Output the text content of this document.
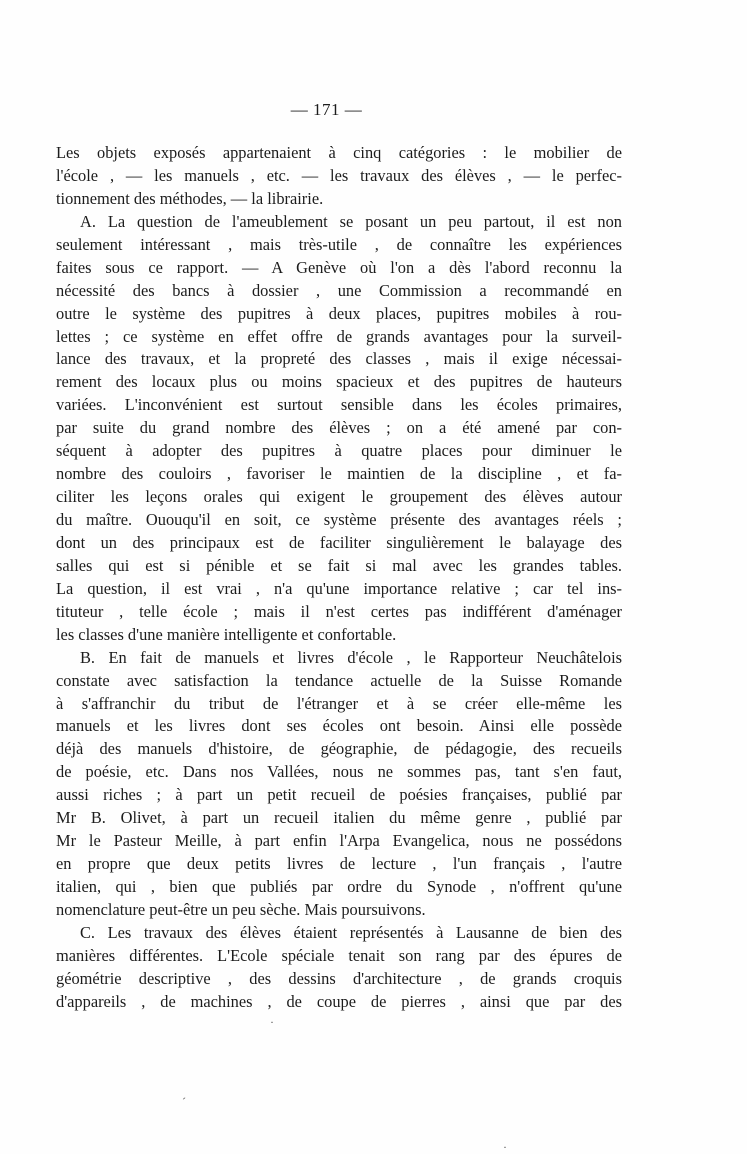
— 171 —
Les objets exposés appartenaient à cinq catégories : le mobilier de
l'école , — les manuels , etc. — les travaux des élèves , — le perfec-
tionnement des méthodes, — la librairie.
A. La question de l'ameublement se posant un peu partout, il est non
seulement intéressant , mais très-utile , de connaître les expériences
faites sous ce rapport. — A Genève où l'on a dès l'abord reconnu la
nécessité des bancs à dossier , une Commission a recommandé en
outre le système des pupitres à deux places, pupitres mobiles à rou-
lettes ; ce système en effet offre de grands avantages pour la surveil-
lance des travaux, et la propreté des classes , mais il exige nécessai-
rement des locaux plus ou moins spacieux et des pupitres de hauteurs
variées. L'inconvénient est surtout sensible dans les écoles primaires,
par suite du grand nombre des élèves ; on a été amené par con-
séquent à adopter des pupitres à quatre places pour diminuer le
nombre des couloirs , favoriser le maintien de la discipline , et fa-
ciliter les leçons orales qui exigent le groupement des élèves autour
du maître. Ououqu'il en soit, ce système présente des avantages réels ;
dont un des principaux est de faciliter singulièrement le balayage des
salles qui est si pénible et se fait si mal avec les grandes tables.
La question, il est vrai , n'a qu'une importance relative ; car tel ins-
tituteur , telle école ; mais il n'est certes pas indifférent d'aménager
les classes d'une manière intelligente et confortable.
B. En fait de manuels et livres d'école , le Rapporteur Neuchâtelois
constate avec satisfaction la tendance actuelle de la Suisse Romande
à s'affranchir du tribut de l'étranger et à se créer elle-même les
manuels et les livres dont ses écoles ont besoin. Ainsi elle possède
déjà des manuels d'histoire, de géographie, de pédagogie, des recueils
de poésie, etc. Dans nos Vallées, nous ne sommes pas, tant s'en faut,
aussi riches ; à part un petit recueil de poésies françaises, publié par
Mr B. Olivet, à part un recueil italien du même genre , publié par
Mr le Pasteur Meille, à part enfin l'Arpa Evangelica, nous ne possédons
en propre que deux petits livres de lecture , l'un français , l'autre
italien, qui , bien que publiés par ordre du Synode , n'offrent qu'une
nomenclature peut-être un peu sèche. Mais poursuivons.
C. Les travaux des élèves étaient représentés à Lausanne de bien des
manières différentes. L'Ecole spéciale tenait son rang par des épures de
géométrie descriptive , des dessins d'architecture , de grands croquis
d'appareils , de machines , de coupe de pierres , ainsi que par des
·
´
·
